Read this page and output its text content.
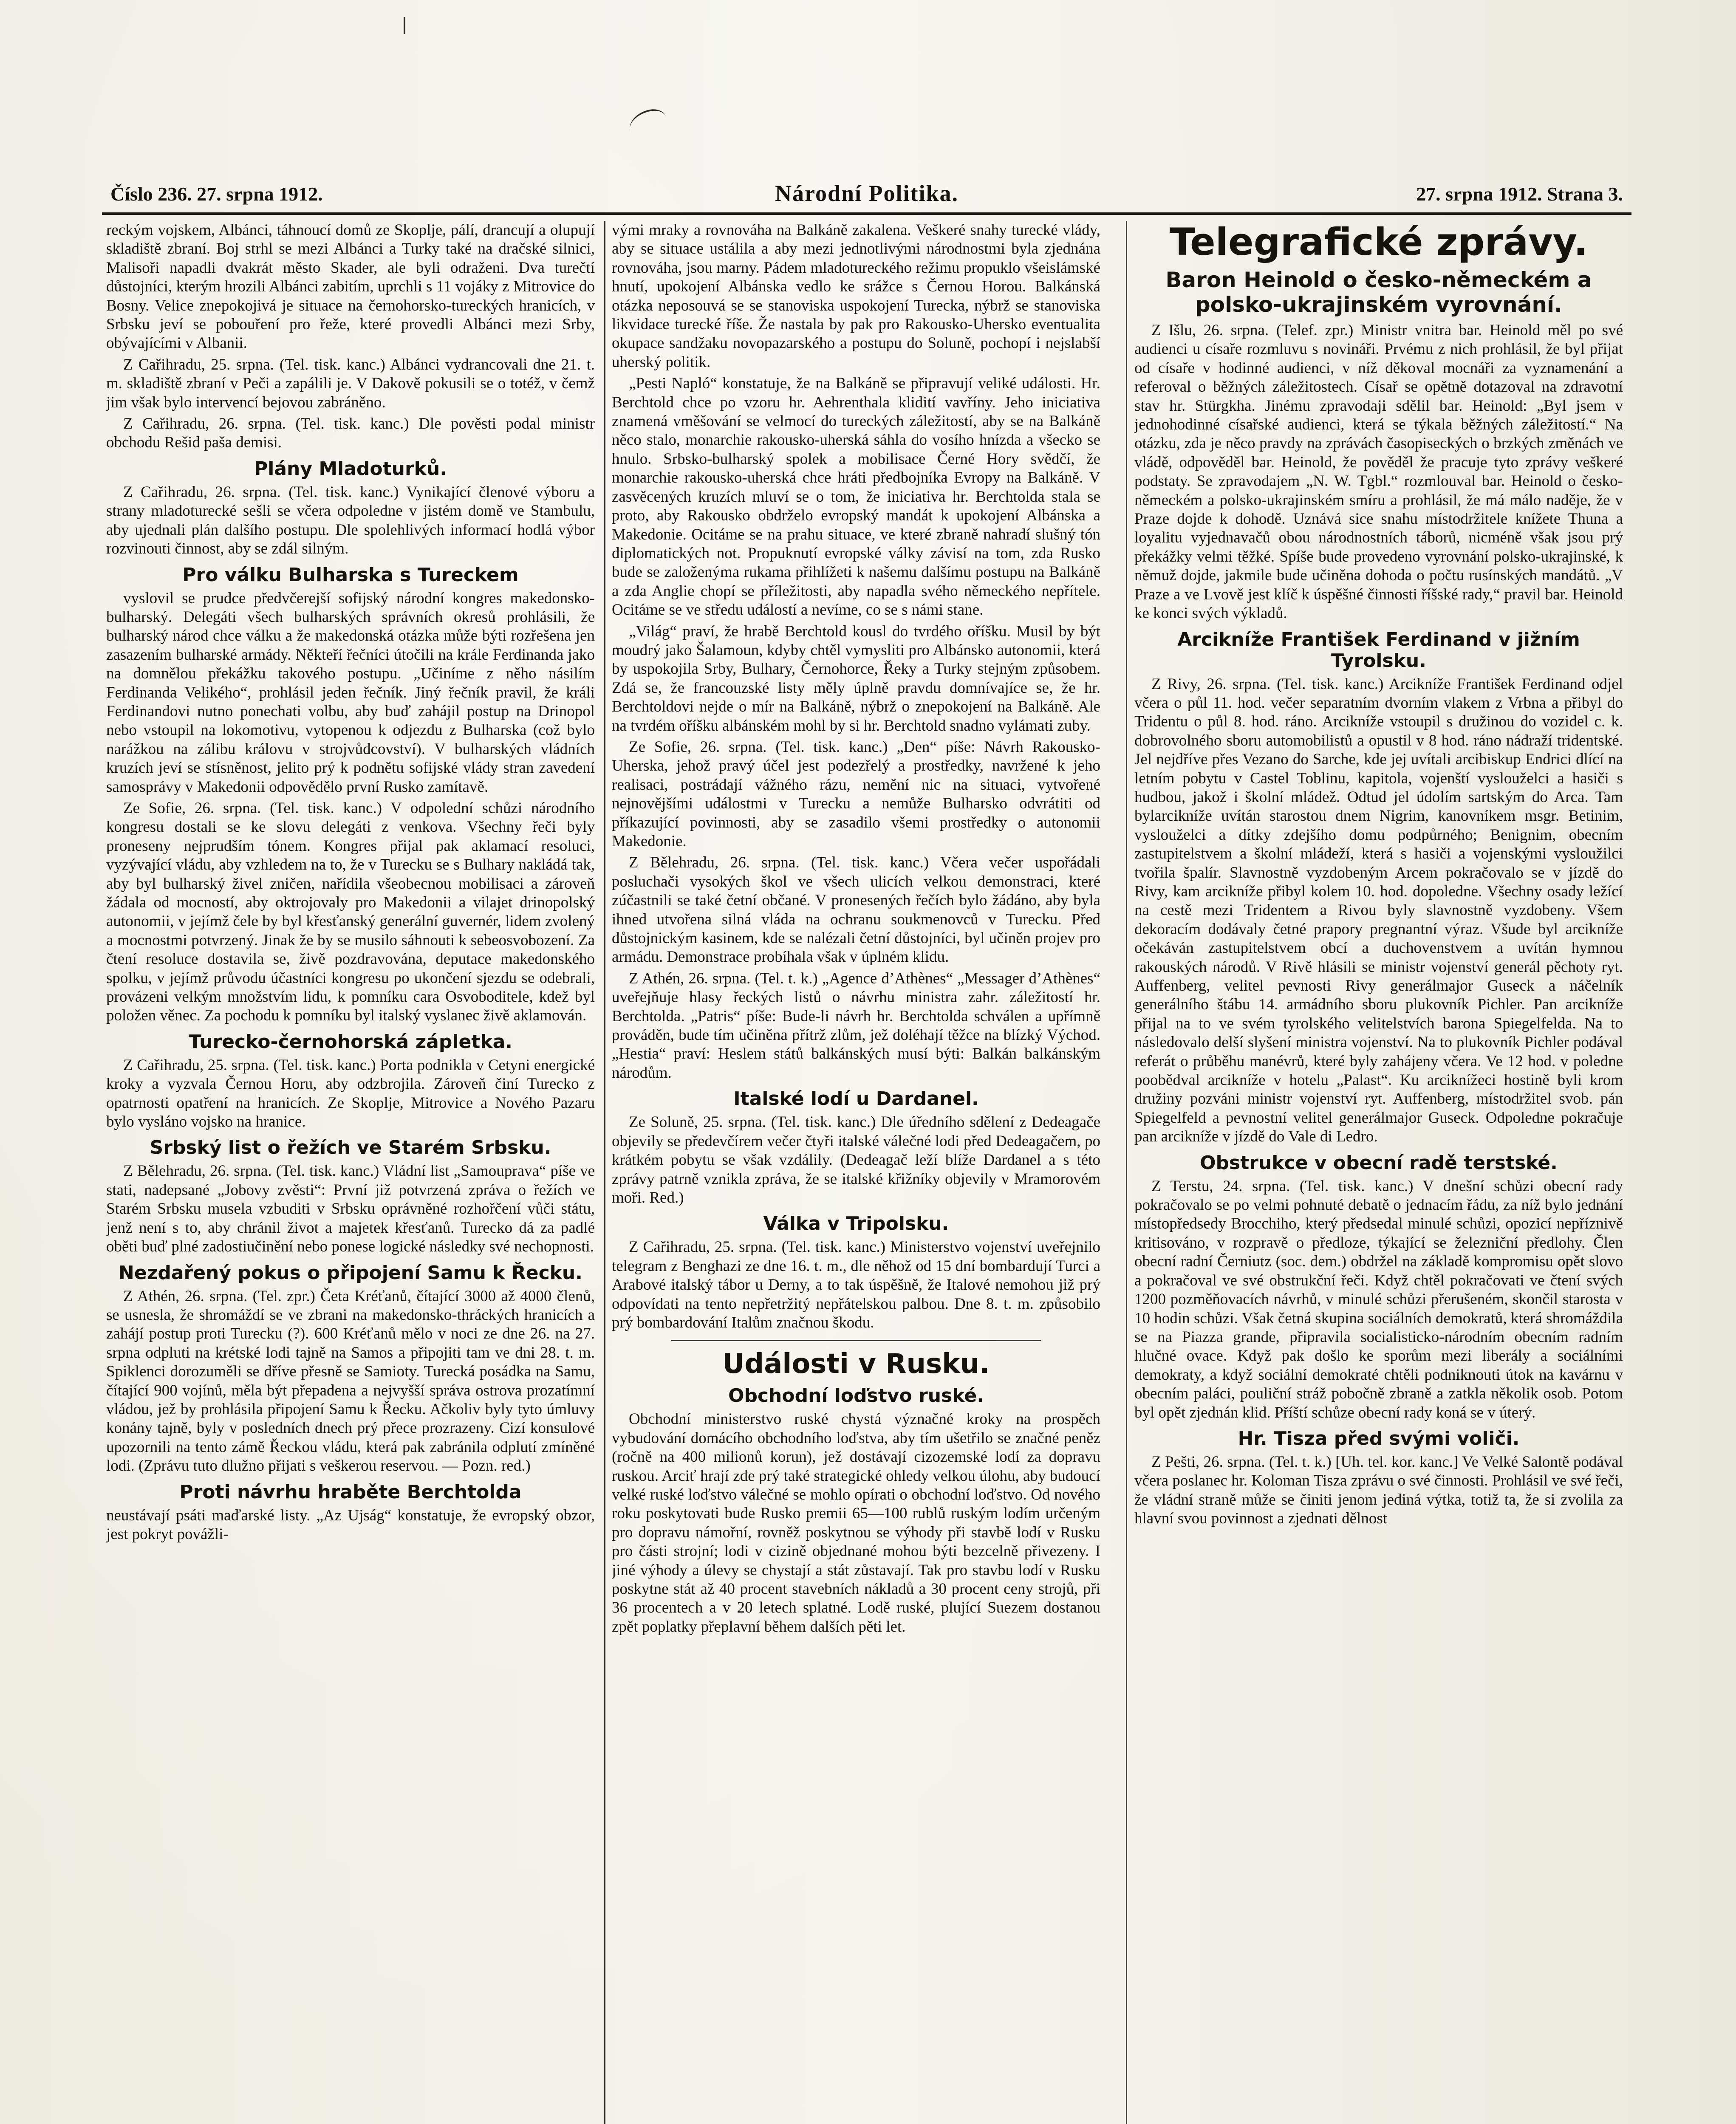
Číslo 236. 27. srpna 1912.	Národní Politika.	27. srpna 1912. Strana 3.

reckým vojskem, Albánci, táhnoucí domů ze Skoplje, pálí, drancují a olupují skladiště zbraní. Boj strhl se mezi Albánci a Turky také na dračské silnici, Malisoři napadli dvakrát město Skader, ale byli odraženi. Dva turečtí důstojníci, kterým hrozili Albánci zabitím, uprchli s 11 vojáky z Mitrovice do Bosny. Velice znepokojivá je situace na černohorsko-tureckých hranicích, v Srbsku jeví se pobouření pro řeže, které provedli Albánci mezi Srby, obývajícími v Albanii.

Z Cařihradu, 25. srpna. (Tel. tisk. kanc.) Albánci vydrancovali dne 21. t. m. skladiště zbraní v Peči a zapálili je. V Dakově pokusili se o totéž, v čemž jim však bylo intervencí bejovou zabráněno.

Z Cařihradu, 26. srpna. (Tel. tisk. kanc.) Dle pověsti podal ministr obchodu Rešid paša demisi.

Plány Mladoturků.

Z Cařihradu, 26. srpna. (Tel. tisk. kanc.) Vynikající členové výboru a strany mladoturecké sešli se včera odpoledne v jistém domě ve Stambulu, aby ujednali plán dalšího postupu. Dle spolehlivých informací hodlá výbor rozvinouti činnost, aby se zdál silným.

Pro válku Bulharska s Tureckem

vyslovil se prudce předvčerejší sofijský národní kongres makedonsko-bulharský. Delegáti všech bulharských správních okresů prohlásili, že bulharský národ chce válku a že makedonská otázka může býti rozřešena jen zasazením bulharské armády. Někteří řečníci útočili na krále Ferdinanda jako na domnělou překážku takového postupu. „Učiníme z něho násilím Ferdinanda Velikého“, prohlásil jeden řečník. Jiný řečník pravil, že králi Ferdinandovi nutno ponechati volbu, aby buď zahájil postup na Drinopol nebo vstoupil na lokomotivu, vytopenou k odjezdu z Bulharska (což bylo narážkou na zálibu královu v strojvůdcovství). V bulharských vládních kruzích jeví se stísněnost, jelito prý k podnětu sofijské vlády stran zavedení samosprávy v Makedonii odpovědělo první Rusko zamítavě.

Ze Sofie, 26. srpna. (Tel. tisk. kanc.) V odpolední schůzi národního kongresu dostali se ke slovu delegáti z venkova. Všechny řeči byly proneseny nejprudším tónem. Kongres přijal pak aklamací resoluci, vyzývající vládu, aby vzhledem na to, že v Turecku se s Bulhary nakládá tak, aby byl bulharský živel zničen, nařídila všeobecnou mobilisaci a zároveň žádala od mocností, aby oktrojovaly pro Makedonii a vilajet drinopolský autonomii, v jejímž čele by byl křesťanský generální guvernér, lidem zvolený a mocnostmi potvrzený. Jinak že by se musilo sáhnouti k sebeosvobození. Za čtení resoluce dostavila se, živě pozdravována, deputace makedonského spolku, v jejímž průvodu účastníci kongresu po ukončení sjezdu se odebrali, provázeni velkým množstvím lidu, k pomníku cara Osvoboditele, kdež byl položen věnec. Za pochodu k pomníku byl italský vyslanec živě aklamován.

Turecko-černohorská zápletka.

Z Cařihradu, 25. srpna. (Tel. tisk. kanc.) Porta podnikla v Cetyni energické kroky a vyzvala Černou Horu, aby odzbrojila. Zároveň činí Turecko z opatrnosti opatření na hranicích. Ze Skoplje, Mitrovice a Nového Pazaru bylo vysláno vojsko na hranice.

Srbský list o řežích ve Starém Srbsku.

Z Bělehradu, 26. srpna. (Tel. tisk. kanc.) Vládní list „Samouprava“ píše ve stati, nadepsané „Jobovy zvěsti“: První již potvrzená zpráva o řežích ve Starém Srbsku musela vzbuditi v Srbsku oprávněné rozhořčení vůči státu, jenž není s to, aby chránil život a majetek křesťanů. Turecko dá za padlé oběti buď plné zadostiučinění nebo ponese logické následky své nechopnosti.

Nezdařený pokus o připojení Samu k Řecku.

Z Athén, 26. srpna. (Tel. zpr.) Četa Kréťanů, čítající 3000 až 4000 členů, se usnesla, že shromáždí se ve zbrani na makedonsko-thráckých hranicích a zahájí postup proti Turecku (?). 600 Kréťanů mělo v noci ze dne 26. na 27. srpna odpluti na krétské lodi tajně na Samos a připojiti tam ve dni 28. t. m. Spiklenci dorozuměli se dříve přesně se Samioty. Turecká posádka na Samu, čítající 900 vojínů, měla být přepadena a nejvyšší správa ostrova prozatímní vládou, jež by prohlásila připojení Samu k Řecku. Ačkoliv byly tyto úmluvy konány tajně, byly v posledních dnech prý přece prozrazeny. Cizí konsulové upozornili na tento zámě Řeckou vládu, která pak zabránila odplutí zmíněné lodi. (Zprávu tuto dlužno přijati s veškerou reservou. — Pozn. red.)

Proti návrhu hraběte Berchtolda

neustávají psáti maďarské listy. „Az Ujság“ konstatuje, že evropský obzor, jest pokryt povážli-

vými mraky a rovnováha na Balkáně zakalena. Veškeré snahy turecké vlády, aby se situace ustálila a aby mezi jednotlivými národnostmi byla zjednána rovnováha, jsou marny. Pádem mladotureckého režimu propuklo všeislámské hnutí, upokojení Albánska vedlo ke srážce s Černou Horou. Balkánská otázka neposouvá se se stanoviska uspokojení Turecka, nýbrž se stanoviska likvidace turecké říše. Že nastala by pak pro Rakousko-Uhersko eventualita okupace sandžaku novopazarského a postupu do Soluně, pochopí i nejslabší uherský politik.

„Pesti Napló“ konstatuje, že na Balkáně se připravují veliké události. Hr. Berchtold chce po vzoru hr. Aehrenthala klidití vavříny. Jeho iniciativa znamená vměšování se velmocí do tureckých záležitostí, aby se na Balkáně něco stalo, monarchie rakousko-uherská sáhla do vosího hnízda a všecko se hnulo. Srbsko-bulharský spolek a mobilisace Černé Hory svědčí, že monarchie rakousko-uherská chce hráti předbojníka Evropy na Balkáně. V zasvěcených kruzích mluví se o tom, že iniciativa hr. Berchtolda stala se proto, aby Rakousko obdrželo evropský mandát k upokojení Albánska a Makedonie. Ocitáme se na prahu situace, ve které zbraně nahradí slušný tón diplomatických not. Propuknutí evropské války závisí na tom, zda Rusko bude se založenýma rukama přihlížeti k našemu dalšímu postupu na Balkáně a zda Anglie chopí se příležitosti, aby napadla svého německého nepřítele. Ocitáme se ve středu událostí a nevíme, co se s námi stane.

„Világ“ praví, že hrabě Berchtold kousl do tvrdého oříšku. Musil by být moudrý jako Šalamoun, kdyby chtěl vymysliti pro Albánsko autonomii, která by uspokojila Srby, Bulhary, Černohorce, Řeky a Turky stejným způsobem. Zdá se, že francouzské listy měly úplně pravdu domnívajíce se, že hr. Berchtoldovi nejde o mír na Balkáně, nýbrž o znepokojení na Balkáně. Ale na tvrdém oříšku albánském mohl by si hr. Berchtold snadno vylámati zuby.

Ze Sofie, 26. srpna. (Tel. tisk. kanc.) „Den“ píše: Návrh Rakousko-Uherska, jehož pravý účel jest podezřelý a prostředky, navržené k jeho realisaci, postrádají vážného rázu, nemění nic na situaci, vytvořené nejnovějšími událostmi v Turecku a nemůže Bulharsko odvrátiti od příkazující povinnosti, aby se zasadilo všemi prostředky o autonomii Makedonie.

Z Bělehradu, 26. srpna. (Tel. tisk. kanc.) Včera večer uspořádali posluchači vysokých škol ve všech ulicích velkou demonstraci, které zúčastnili se také četní občané. V pronesených řečích bylo žádáno, aby byla ihned utvořena silná vláda na ochranu soukmenovců v Turecku. Před důstojnickým kasinem, kde se nalézali četní důstojníci, byl učiněn projev pro armádu. Demonstrace probíhala však v úplném klidu.

Z Athén, 26. srpna. (Tel. t. k.) „Agence d’Athènes“ „Messager d’Athènes“ uveřejňuje hlasy řeckých listů o návrhu ministra zahr. záležitostí hr. Berchtolda. „Patris“ píše: Bude-li návrh hr. Berchtolda schválen a upřímně prováděn, bude tím učiněna přítrž zlům, jež doléhají těžce na blízký Východ. „Hestia“ praví: Heslem států balkánských musí býti: Balkán balkánským národům.

Italské lodí u Dardanel.

Ze Soluně, 25. srpna. (Tel. tisk. kanc.) Dle úředního sdělení z Dedeagače objevily se předevčírem večer čtyři italské válečné lodi před Dedeagačem, po krátkém pobytu se však vzdálily. (Dedeagač leží blíže Dardanel a s této zprávy patrně vznikla zpráva, že se italské křižníky objevily v Mramorovém moři. Red.)

Válka v Tripolsku.

Z Cařihradu, 25. srpna. (Tel. tisk. kanc.) Ministerstvo vojenství uveřejnilo telegram z Benghazi ze dne 16. t. m., dle něhož od 15 dní bombardují Turci a Arabové italský tábor u Derny, a to tak úspěšně, že Italové nemohou již prý odpovídati na tento nepřetržitý nepřátelskou palbou. Dne 8. t. m. způsobilo prý bombardování Italům značnou škodu.

Události v Rusku.
Obchodní loďstvo ruské.

Obchodní ministerstvo ruské chystá význačné kroky na prospěch vybudování domácího obchodního loďstva, aby tím ušetřilo se značné peněz (ročně na 400 milionů korun), jež dostávají cizozemské lodí za dopravu ruskou. Arciť hrají zde prý také strategické ohledy velkou úlohu, aby budoucí velké ruské loďstvo válečné se mohlo opírati o obchodní loďstvo. Od nového roku poskytovati bude Rusko premii 65—100 rublů ruským lodím určeným pro dopravu námořní, rovněž poskytnou se výhody při stavbě lodí v Rusku pro části strojní; lodi v cizině objednané mohou býti bezcelně přivezeny. I jiné výhody a úlevy se chystají a stát zůstavají. Tak pro stavbu lodí v Rusku poskytne stát až 40 procent stavebních nákladů a 30 procent ceny strojů, při 36 procentech a v 20 letech splatné. Lodě ruské, plující Suezem dostanou zpět poplatky přeplavní během dalších pěti let.

Telegrafické zprávy.
Baron Heinold o česko-německém a polsko-ukrajinském vyrovnání.

Z Išlu, 26. srpna. (Telef. zpr.) Ministr vnitra bar. Heinold měl po své audienci u císaře rozmluvu s novináři. Prvému z nich prohlásil, že byl přijat od císaře v hodinné audienci, v níž děkoval mocnáři za vyznamenání a referoval o běžných záležitostech. Císař se opětně dotazoval na zdravotní stav hr. Stürgkha. Jinému zpravodaji sdělil bar. Heinold: „Byl jsem v jednohodinné císařské audienci, která se týkala běžných záležitostí.“ Na otázku, zda je něco pravdy na zprávách časopiseckých o brzkých změnách ve vládě, odpověděl bar. Heinold, že pověděl že pracuje tyto zprávy veškeré podstaty. Se zpravodajem „N. W. Tgbl.“ rozmlouval bar. Heinold o česko-německém a polsko-ukrajinském smíru a prohlásil, že má málo naděje, že v Praze dojde k dohodě. Uznává sice snahu místodržitele knížete Thuna a loyalitu vyjednavačů obou národnostních táborů, nicméně však jsou prý překážky velmi těžké. Spíše bude provedeno vyrovnání polsko-ukrajinské, k němuž dojde, jakmile bude učiněna dohoda o počtu rusínských mandátů. „V Praze a ve Lvově jest klíč k úspěšné činnosti říšské rady,“ pravil bar. Heinold ke konci svých výkladů.

Arcikníže František Ferdinand v jižním Tyrolsku.

Z Rivy, 26. srpna. (Tel. tisk. kanc.) Arcikníže František Ferdinand odjel včera o půl 11. hod. večer separatním dvorním vlakem z Vrbna a přibyl do Tridentu o půl 8. hod. ráno. Arcikníže vstoupil s družinou do vozidel c. k. dobrovolného sboru automobilistů a opustil v 8 hod. ráno nádraží tridentské. Jel nejdříve přes Vezano do Sarche, kde jej uvítali arcibiskup Endrici dlící na letním pobytu v Castel Toblinu, kapitola, vojenští vyslouželci a hasiči s hudbou, jakož i školní mládež. Odtud jel údolím sartským do Arca. Tam bylarcikníže uvítán starostou dnem Nigrim, kanovníkem msgr. Betinim, vyslouželci a dítky zdejšího domu podpůrného; Benignim, obecním zastupitelstvem a školní mládeží, která s hasiči a vojenskými vysloužilci tvořila špalír. Slavnostně vyzdobeným Arcem pokračovalo se v jízdě do Rivy, kam arcikníže přibyl kolem 10. hod. dopoledne. Všechny osady ležící na cestě mezi Tridentem a Rivou byly slavnostně vyzdobeny. Všem dekoracím dodávaly četné prapory pregnantní výraz. Všude byl arcikníže očekáván zastupitelstvem obcí a duchovenstvem a uvítán hymnou rakouských národů. V Rivě hlásili se ministr vojenství generál pěchoty ryt. Auffenberg, velitel pevnosti Rivy generálmajor Guseck a náčelník generálního štábu 14. armádního sboru plukovník Pichler. Pan arcikníže přijal na to ve svém tyrolského velitelstvích barona Spiegelfelda. Na to následovalo delší slyšení ministra vojenství. Na to plukovník Pichler podával referát o průběhu manévrů, které byly zahájeny včera. Ve 12 hod. v poledne poobědval arcikníže v hotelu „Palast“. Ku arciknížeci hostině byli krom družiny pozváni ministr vojenství ryt. Auffenberg, místodržitel svob. pán Spiegelfeld a pevnostní velitel generálmajor Guseck. Odpoledne pokračuje pan arcikníže v jízdě do Vale di Ledro.

Obstrukce v obecní radě terstské.

Z Terstu, 24. srpna. (Tel. tisk. kanc.) V dnešní schůzi obecní rady pokračovalo se po velmi pohnuté debatě o jednacím řádu, za níž bylo jednání místopředsedy Brocchiho, který předsedal minulé schůzi, opozicí nepříznivě kritisováno, v rozpravě o předloze, týkající se železniční předlohy. Člen obecní radní Černiutz (soc. dem.) obdržel na základě kompromisu opět slovo a pokračoval ve své obstrukční řeči. Když chtěl pokračovati ve čtení svých 1200 pozměňovacích návrhů, v minulé schůzi přerušeném, skončil starosta v 10 hodin schůzi. Však četná skupina sociálních demokratů, která shromáždila se na Piazza grande, připravila socialisticko-národním obecním radním hlučné ovace. Když pak došlo ke sporům mezi liberály a sociálními demokraty, a když sociální demokraté chtěli podniknouti útok na kavárnu v obecním paláci, pouliční stráž pobočně zbraně a zatkla několik osob. Potom byl opět zjednán klid. Příští schůze obecní rady koná se v úterý.

Hr. Tisza před svými voliči.

Z Pešti, 26. srpna. (Tel. t. k.) [Uh. tel. kor. kanc.] Ve Velké Salontě podával včera poslanec hr. Koloman Tisza zprávu o své činnosti. Prohlásil ve své řeči, že vládní straně může se činiti jenom jediná výtka, totiž ta, že si zvolila za hlavní svou povinnost a zjednati dělnost
